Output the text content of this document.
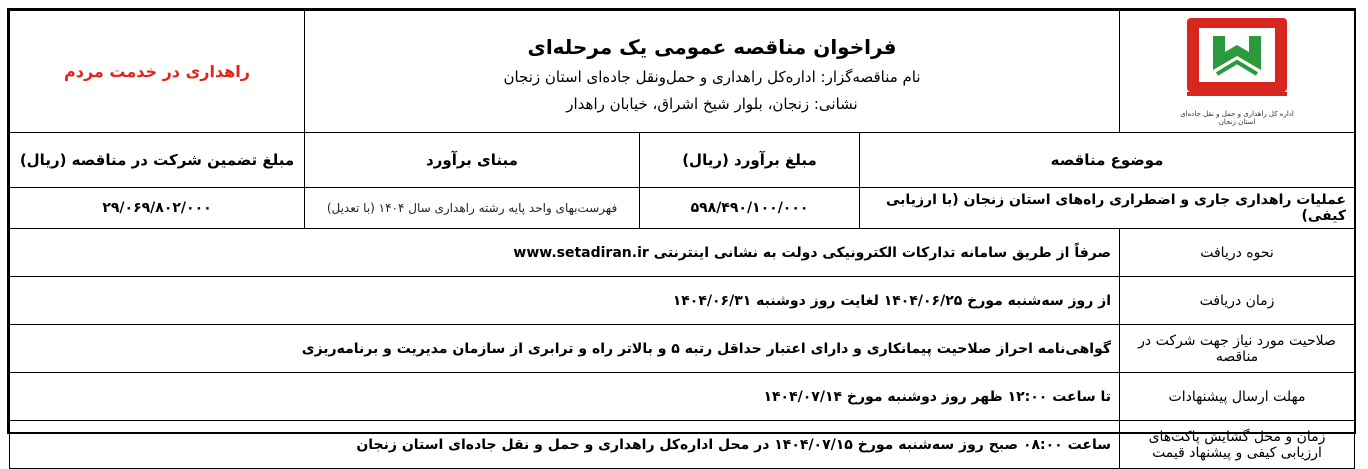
اداره کل راهداری و حمل و نقل جاده‌ای استان زنجان	فراخوان مناقصه عمومی یک مرحله‌ای
نام مناقصه‌گزار: اداره‌کل راهداری و حمل‌ونقل جاده‌ای استان زنجان
نشانی: زنجان، بلوار شیخ اشراق، خیابان راهدار			راهداری در خدمت مردم

موضوع مناقصه		مبلغ برآورد (ریال)	مبنای برآورد	مبلغ تضمین شرکت در مناقصه (ریال)
عملیات راهداری جاری و اضطراری راه‌های استان زنجان (با ارزیابی کیفی)		۵۹۸/۴۹۰/۱۰۰/۰۰۰	فهرست‌بهای واحد پایه رشته راهداری سال ۱۴۰۴ (با تعدیل)	۲۹/۰۶۹/۸۰۲/۰۰۰
نحوه دریافت	صرفاً از طریق سامانه تدارکات الکترونیکی دولت به نشانی اینترنتی www.setadiran.ir			
زمان دریافت	از روز سه‌شنبه مورخ ۱۴۰۴/۰۶/۲۵ لغایت روز دوشنبه ۱۴۰۴/۰۶/۳۱			
صلاحیت مورد نیاز جهت شرکت در مناقصه	گواهی‌نامه احراز صلاحیت پیمانکاری و دارای اعتبار حداقل رتبه ۵ و بالاتر راه و ترابری از سازمان مدیریت و برنامه‌ریزی			
مهلت ارسال پیشنهادات	تا ساعت ۱۲:۰۰ ظهر روز دوشنبه مورخ ۱۴۰۴/۰۷/۱۴			
زمان و محل گشایش پاکت‌های ارزیابی کیفی و پیشنهاد قیمت	ساعت ۰۸:۰۰ صبح روز سه‌شنبه مورخ ۱۴۰۴/۰۷/۱۵ در محل اداره‌کل راهداری و حمل و نقل جاده‌ای استان زنجان			
